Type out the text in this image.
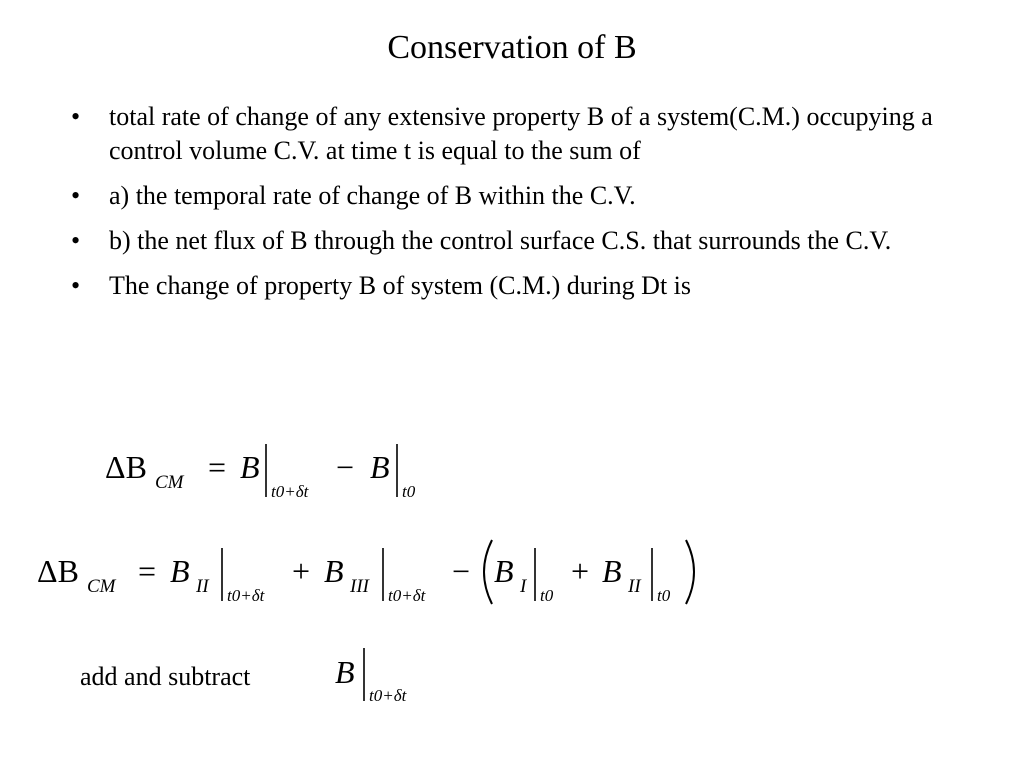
Conservation of B
•	total rate of change of any extensive property B of a system(C.M.) occupying a control volume C.V. at time t is equal to the sum of
•	a) the temporal rate of change of B within the C.V.
•	b) the net flux of B through the control surface C.S. that surrounds the C.V.
•	The change of property B of system (C.M.) during Dt is
ΔB CM = B
t0+δt
− B
t0
ΔB CM = B II t0+δt
+ B III t0+δt
− B I t0
+ B II t0
B
t0+δt
add and subtract
